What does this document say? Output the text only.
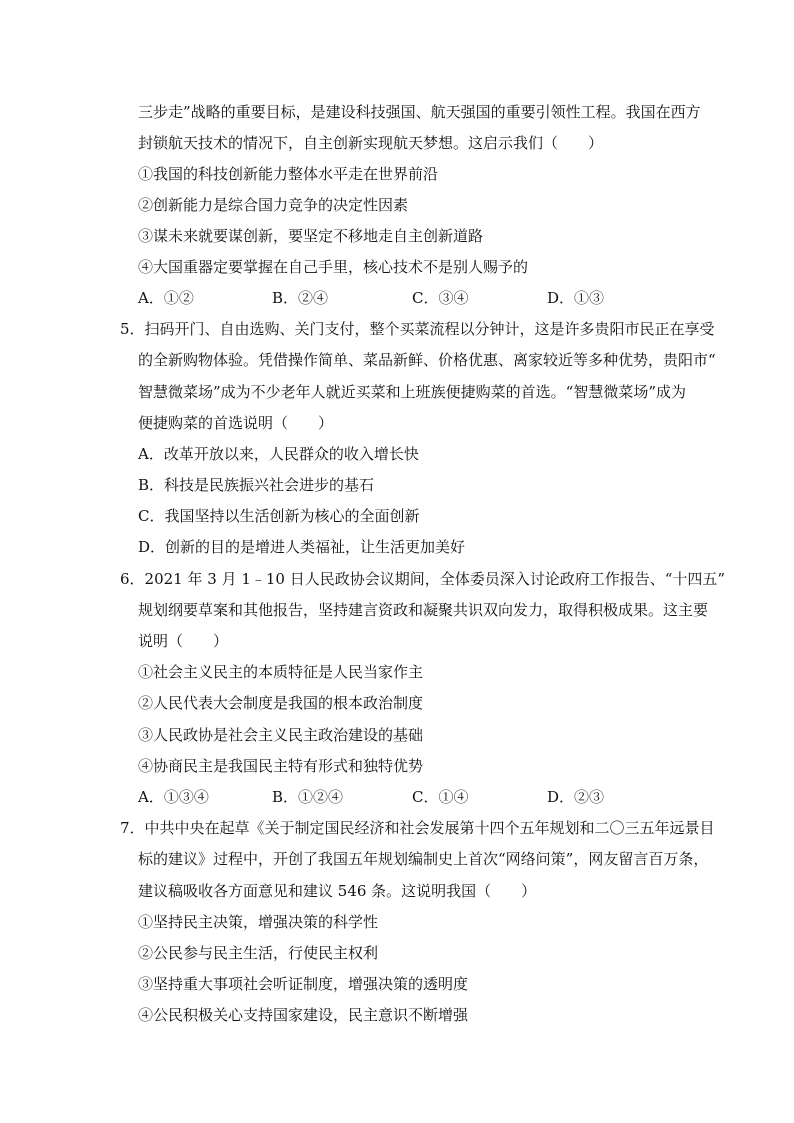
三步走”战略的重要目标，是建设科技强国、航天强国的重要引领性工程。我国在西方
封锁航天技术的情况下，自主创新实现航天梦想。这启示我们（　　）
①我国的科技创新能力整体水平走在世界前沿
②创新能力是综合国力竞争的决定性因素
③谋未来就要谋创新，要坚定不移地走自主创新道路
④大国重器定要掌握在自己手里，核心技术不是别人赐予的
A．①②	B．②④	C．③④	D．①③
5．扫码开门、自由选购、关门支付，整个买菜流程以分钟计，这是许多贵阳市民正在享受
的全新购物体验。凭借操作简单、菜品新鲜、价格优惠、离家较近等多种优势，贵阳市“
智慧微菜场”成为不少老年人就近买菜和上班族便捷购菜的首选。“智慧微菜场”成为
便捷购菜的首选说明（　　）
A．改革开放以来，人民群众的收入增长快
B．科技是民族振兴社会进步的基石
C．我国坚持以生活创新为核心的全面创新
D．创新的目的是增进人类福祉，让生活更加美好
6．2021 年 3 月 1﹣10 日人民政协会议期间，全体委员深入讨论政府工作报告、“十四五”
规划纲要草案和其他报告，坚持建言资政和凝聚共识双向发力，取得积极成果。这主要
说明（　　）
①社会主义民主的本质特征是人民当家作主
②人民代表大会制度是我国的根本政治制度
③人民政协是社会主义民主政治建设的基础
④协商民主是我国民主特有形式和独特优势
A．①③④	B．①②④	C．①④	D．②③
7．中共中央在起草《关于制定国民经济和社会发展第十四个五年规划和二〇三五年远景目
标的建议》过程中，开创了我国五年规划编制史上首次“网络问策”，网友留言百万条，
建议稿吸收各方面意见和建议 546 条。这说明我国（　　）
①坚持民主决策，增强决策的科学性
②公民参与民主生活，行使民主权利
③坚持重大事项社会听证制度，增强决策的透明度
④公民积极关心支持国家建设，民主意识不断增强
